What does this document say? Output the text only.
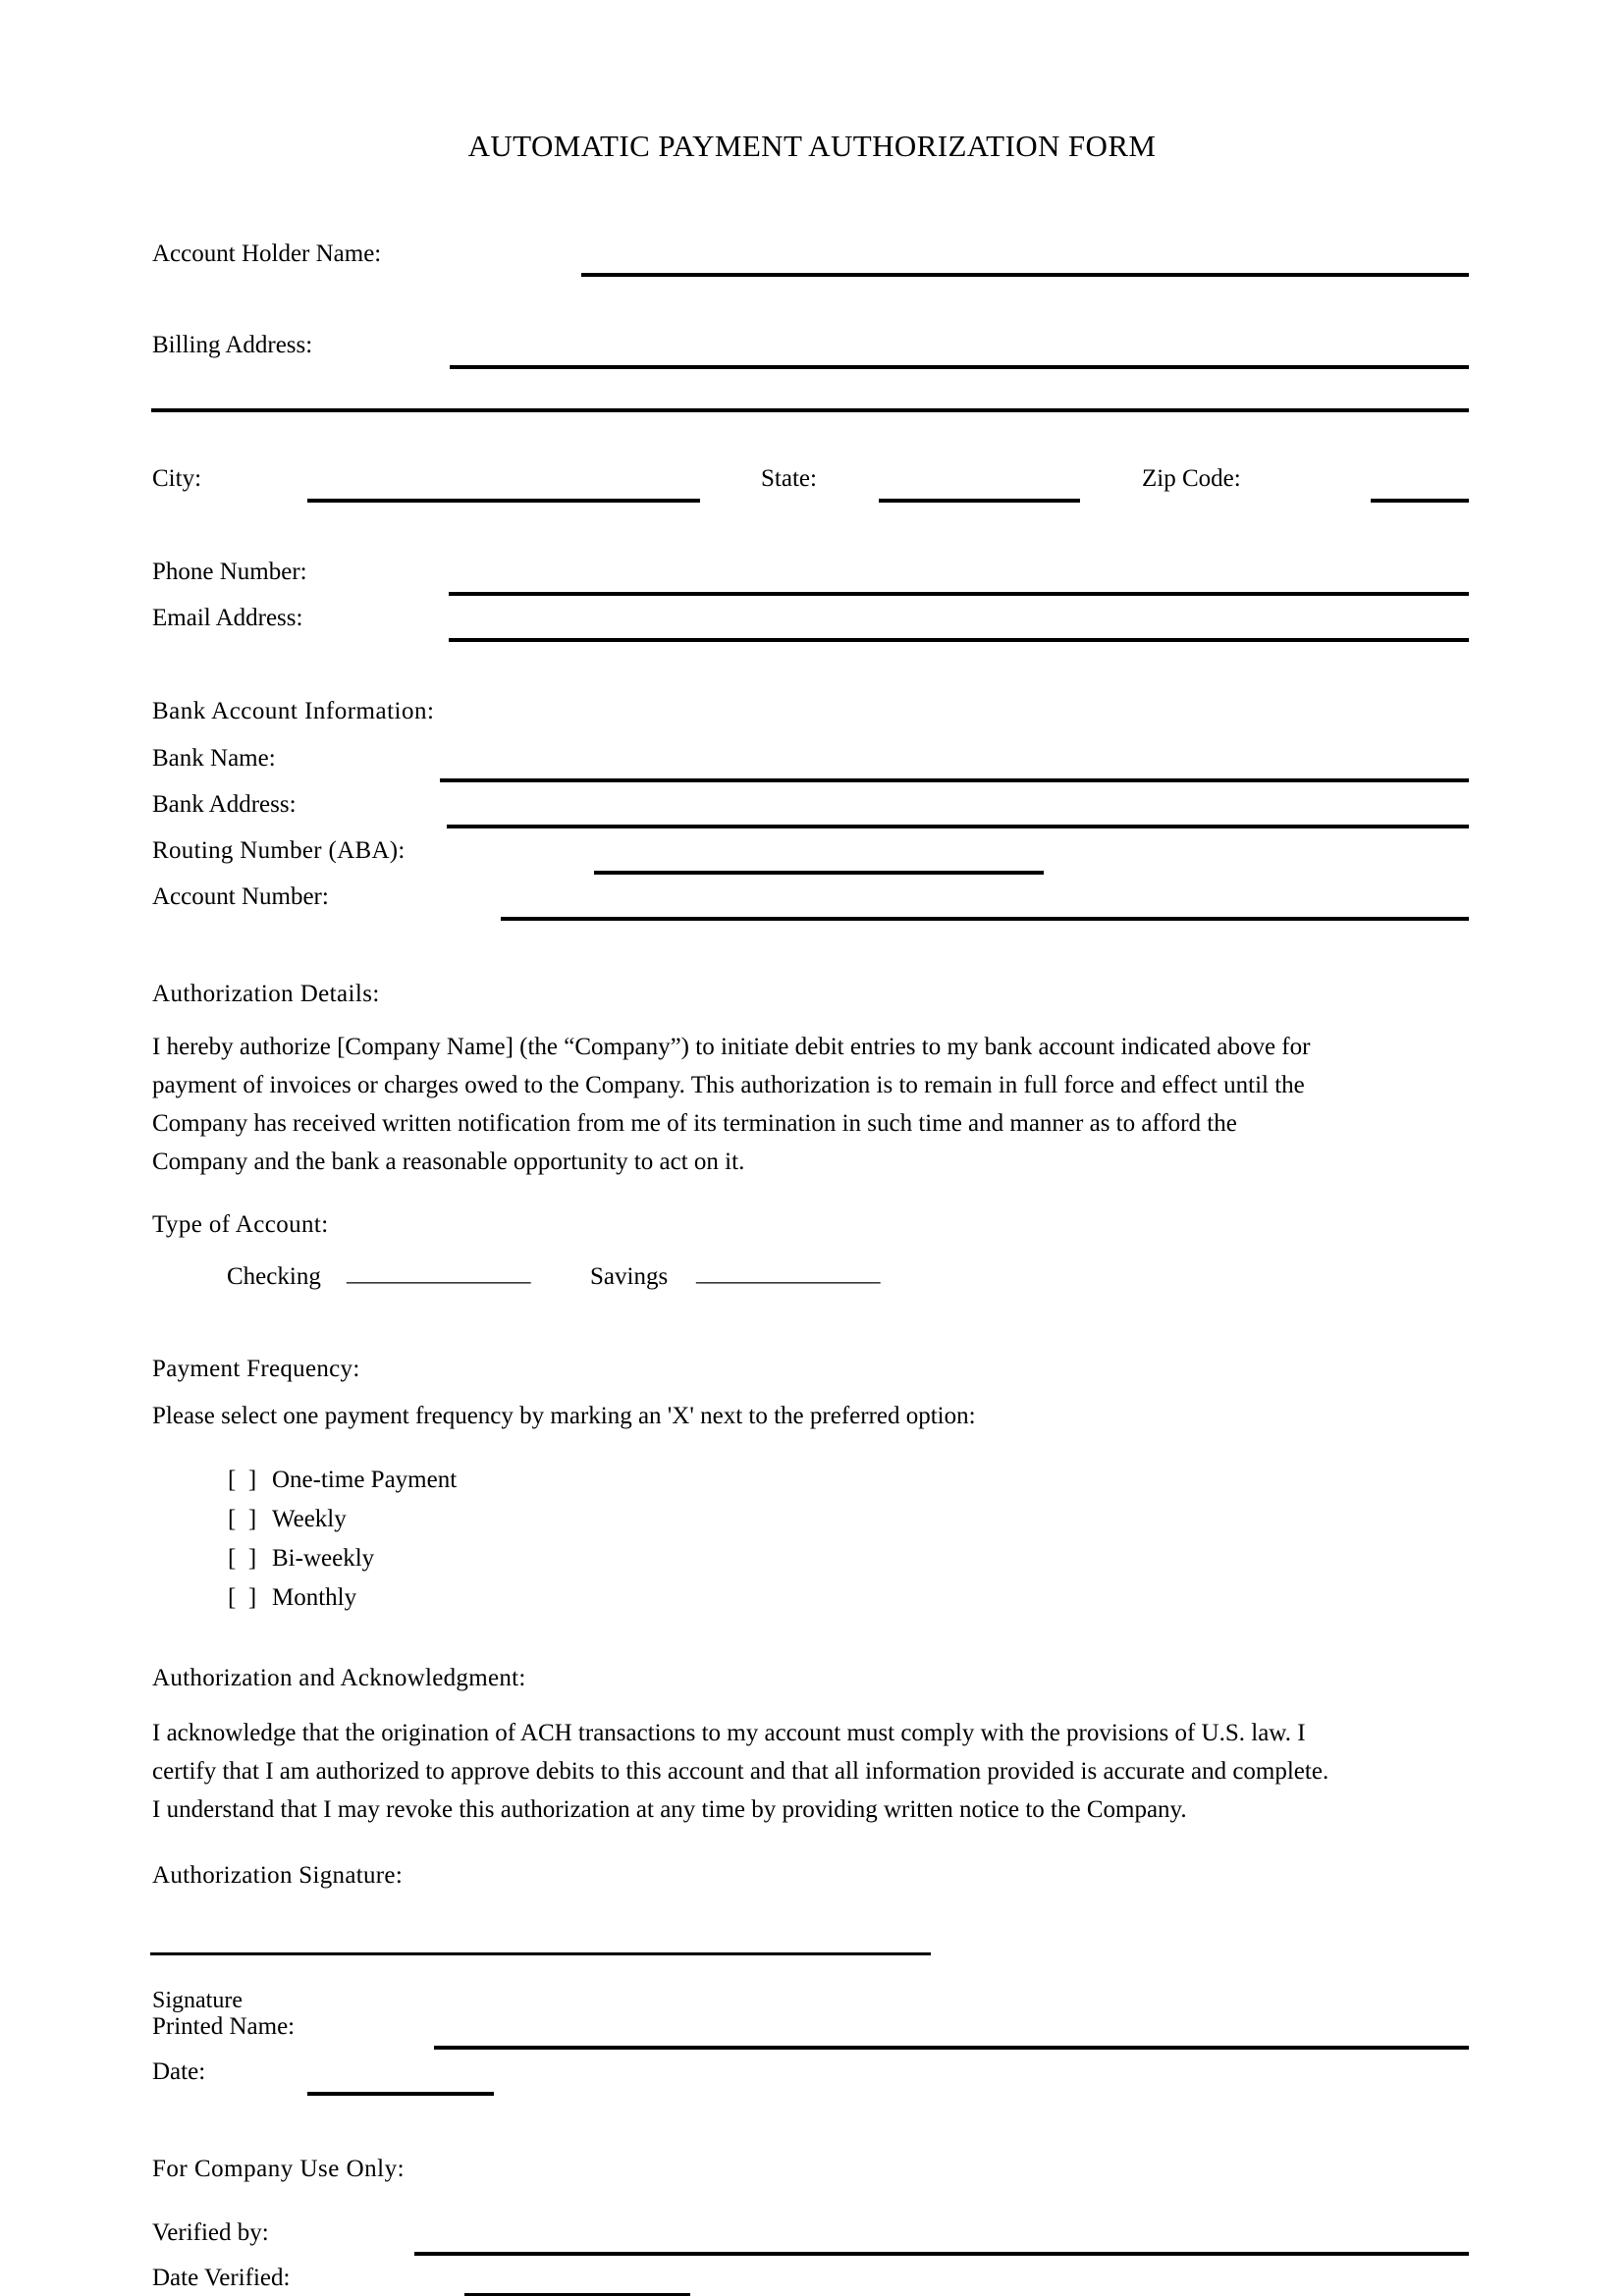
AUTOMATIC PAYMENT AUTHORIZATION FORM
Account Holder Name:
Billing Address:
City:	State:	Zip Code:
Phone Number:
Email Address:
Bank Account Information:
Bank Name:
Bank Address:
Routing Number (ABA):
Account Number:
Authorization Details:
I hereby authorize [Company Name] (the “Company”) to initiate debit entries to my bank account indicated above for
payment of invoices or charges owed to the Company. This authorization is to remain in full force and effect until the
Company has received written notification from me of its termination in such time and manner as to afford the
Company and the bank a reasonable opportunity to act on it.
Type of Account:
Checking _______________ Savings _______________
Payment Frequency:
Please select one payment frequency by marking an 'X' next to the preferred option:
[  ] One-time Payment
[  ] Weekly
[  ] Bi-weekly
[  ] Monthly
Authorization and Acknowledgment:
I acknowledge that the origination of ACH transactions to my account must comply with the provisions of U.S. law. I
certify that I am authorized to approve debits to this account and that all information provided is accurate and complete.
I understand that I may revoke this authorization at any time by providing written notice to the Company.
Authorization Signature:
Signature
Printed Name:
Date:
For Company Use Only:
Verified by:
Date Verified:
